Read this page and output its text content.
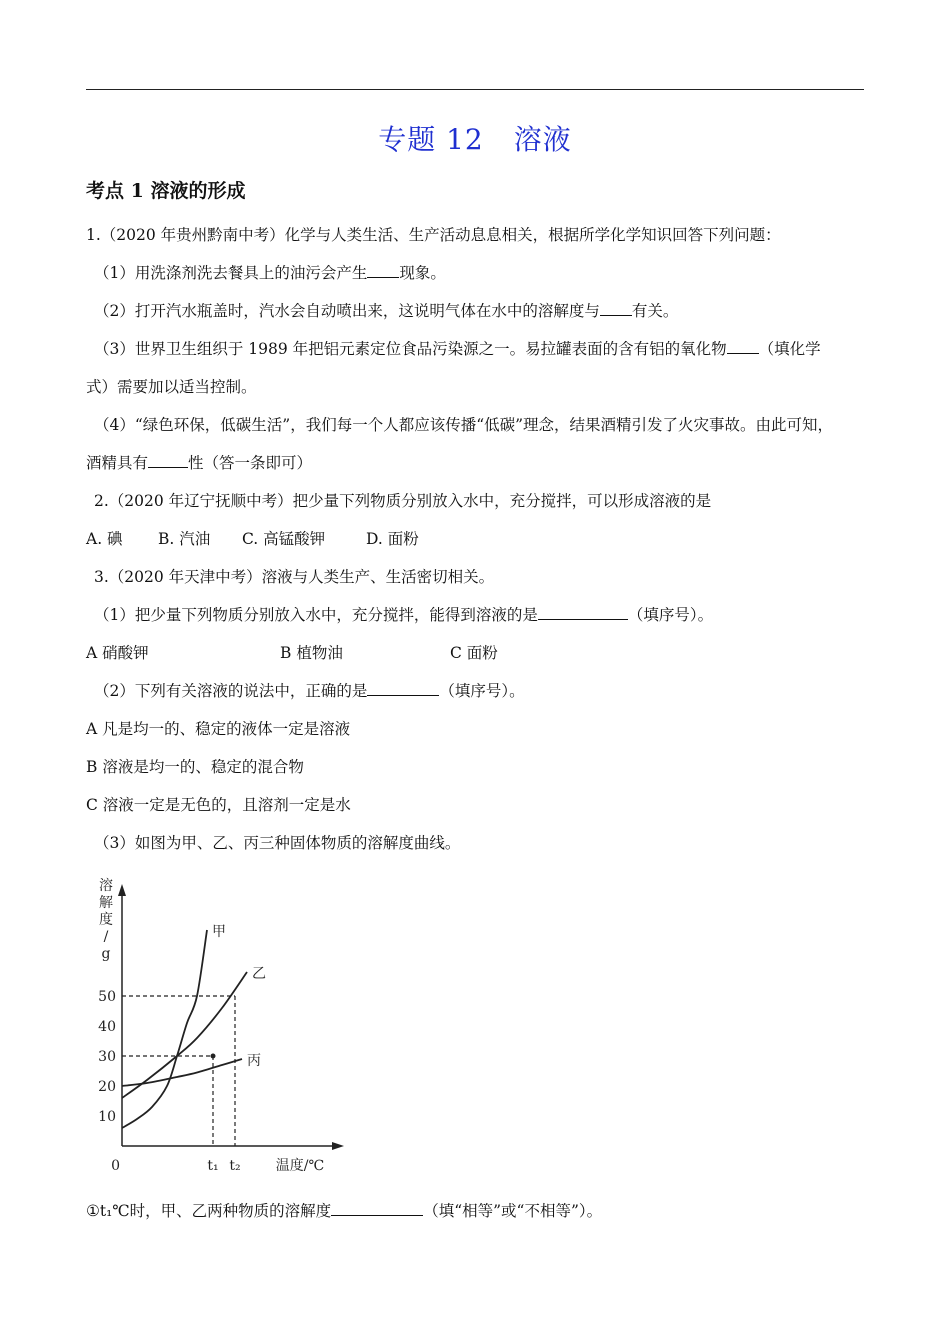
专题 12 溶液
考点 1 溶液的形成
1.（2020 年贵州黔南中考）化学与人类生活、生产活动息息相关，根据所学化学知识回答下列问题：
（1）用洗涤剂洗去餐具上的油污会产生 现象。
（2）打开汽水瓶盖时，汽水会自动喷出来，这说明气体在水中的溶解度与 有关。
（3）世界卫生组织于 1989 年把铝元素定位食品污染源之一。易拉罐表面的含有铝的氧化物 （填化学
式）需要加以适当控制。
（4）“绿色环保，低碳生活”，我们每一个人都应该传播“低碳”理念，结果酒精引发了火灾事故。由此可知，
酒精具有	性（答一条即可）
2.（2020 年辽宁抚顺中考）把少量下列物质分别放入水中，充分搅拌，可以形成溶液的是
A. 碘 B. 汽油 C. 高锰酸钾	D. 面粉
3.（2020 年天津中考）溶液与人类生产、生活密切相关。
（1）把少量下列物质分别放入水中，充分搅拌，能得到溶液的是	（填序号）。
A 硝酸钾	B 植物油	C 面粉
（2）下列有关溶液的说法中，正确的是	（填序号）。
A 凡是均一的、稳定的液体一定是溶液
B 溶液是均一的、稳定的混合物
C 溶液一定是无色的，且溶剂一定是水
（3）如图为甲、乙、丙三种固体物质的溶解度曲线。
溶
解
度
/
g
10
20
30
40
50
0	t₁ t₂	温度/℃
甲
乙
丙
①t₁℃时，甲、乙两种物质的溶解度	（填“相等”或“不相等”）。
